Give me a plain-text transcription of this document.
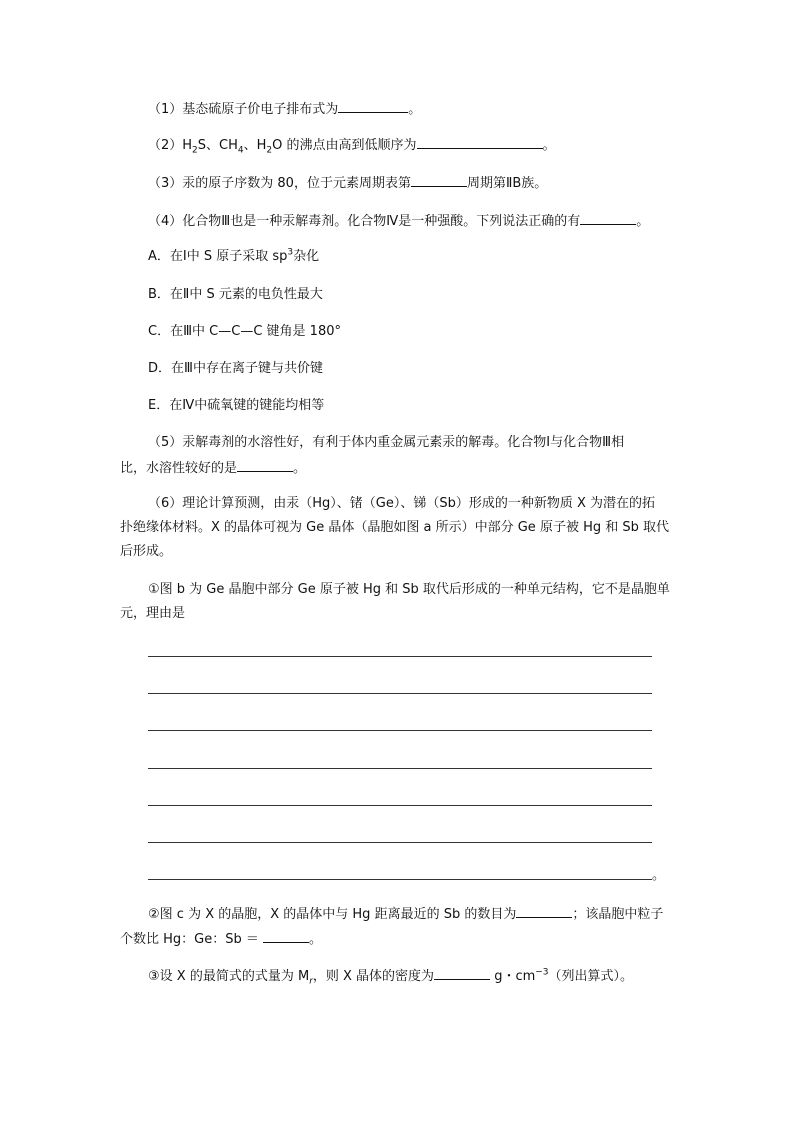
（1）基态硫原子价电子排布式为	。
$(2)H_2S$、$CH_4$、$H_2O$ 的沸点由高到低顺序为	。
（3）汞的原子序数为 80，位于元素周期表第	周期第ⅡB族。
（4）化合物Ⅲ也是一种汞解毒剂。化合物Ⅳ是一种强酸。下列说法正确的有	。
A．在Ⅰ中 S 原子采取 $sp^3$杂化
B．在Ⅱ中 S 元素的电负性最大
C．在Ⅲ中 C—C—C 键角是 180°
D．在Ⅲ中存在离子键与共价键
E．在Ⅳ中硫氧键的键能均相等
（5）汞解毒剂的水溶性好，有利于体内重金属元素汞的解毒。化合物Ⅰ与化合物Ⅲ相
比，水溶性较好的是	。
（6）理论计算预测，由汞（Hg）、锗（Ge）、锑（Sb）形成的一种新物质 X 为潜在的拓
扑绝缘体材料。X 的晶体可视为 Ge 晶体（晶胞如图 a 所示）中部分 Ge 原子被 Hg 和 Sb 取代
后形成。
①图 b 为 Ge 晶胞中部分 Ge 原子被 Hg 和 Sb 取代后形成的一种单元结构，它不是晶胞单
元，理由是
。
②图 c 为 X 的晶胞，X 的晶体中与 Hg 距离最近的 Sb 的数目为	；该晶胞中粒子
个数比 Hg：Ge：Sb ＝	。
③设 X 的最简式的式量为 $M_r$，则 X 晶体的密度为	g・$cm^{-3}$（列出算式）。
